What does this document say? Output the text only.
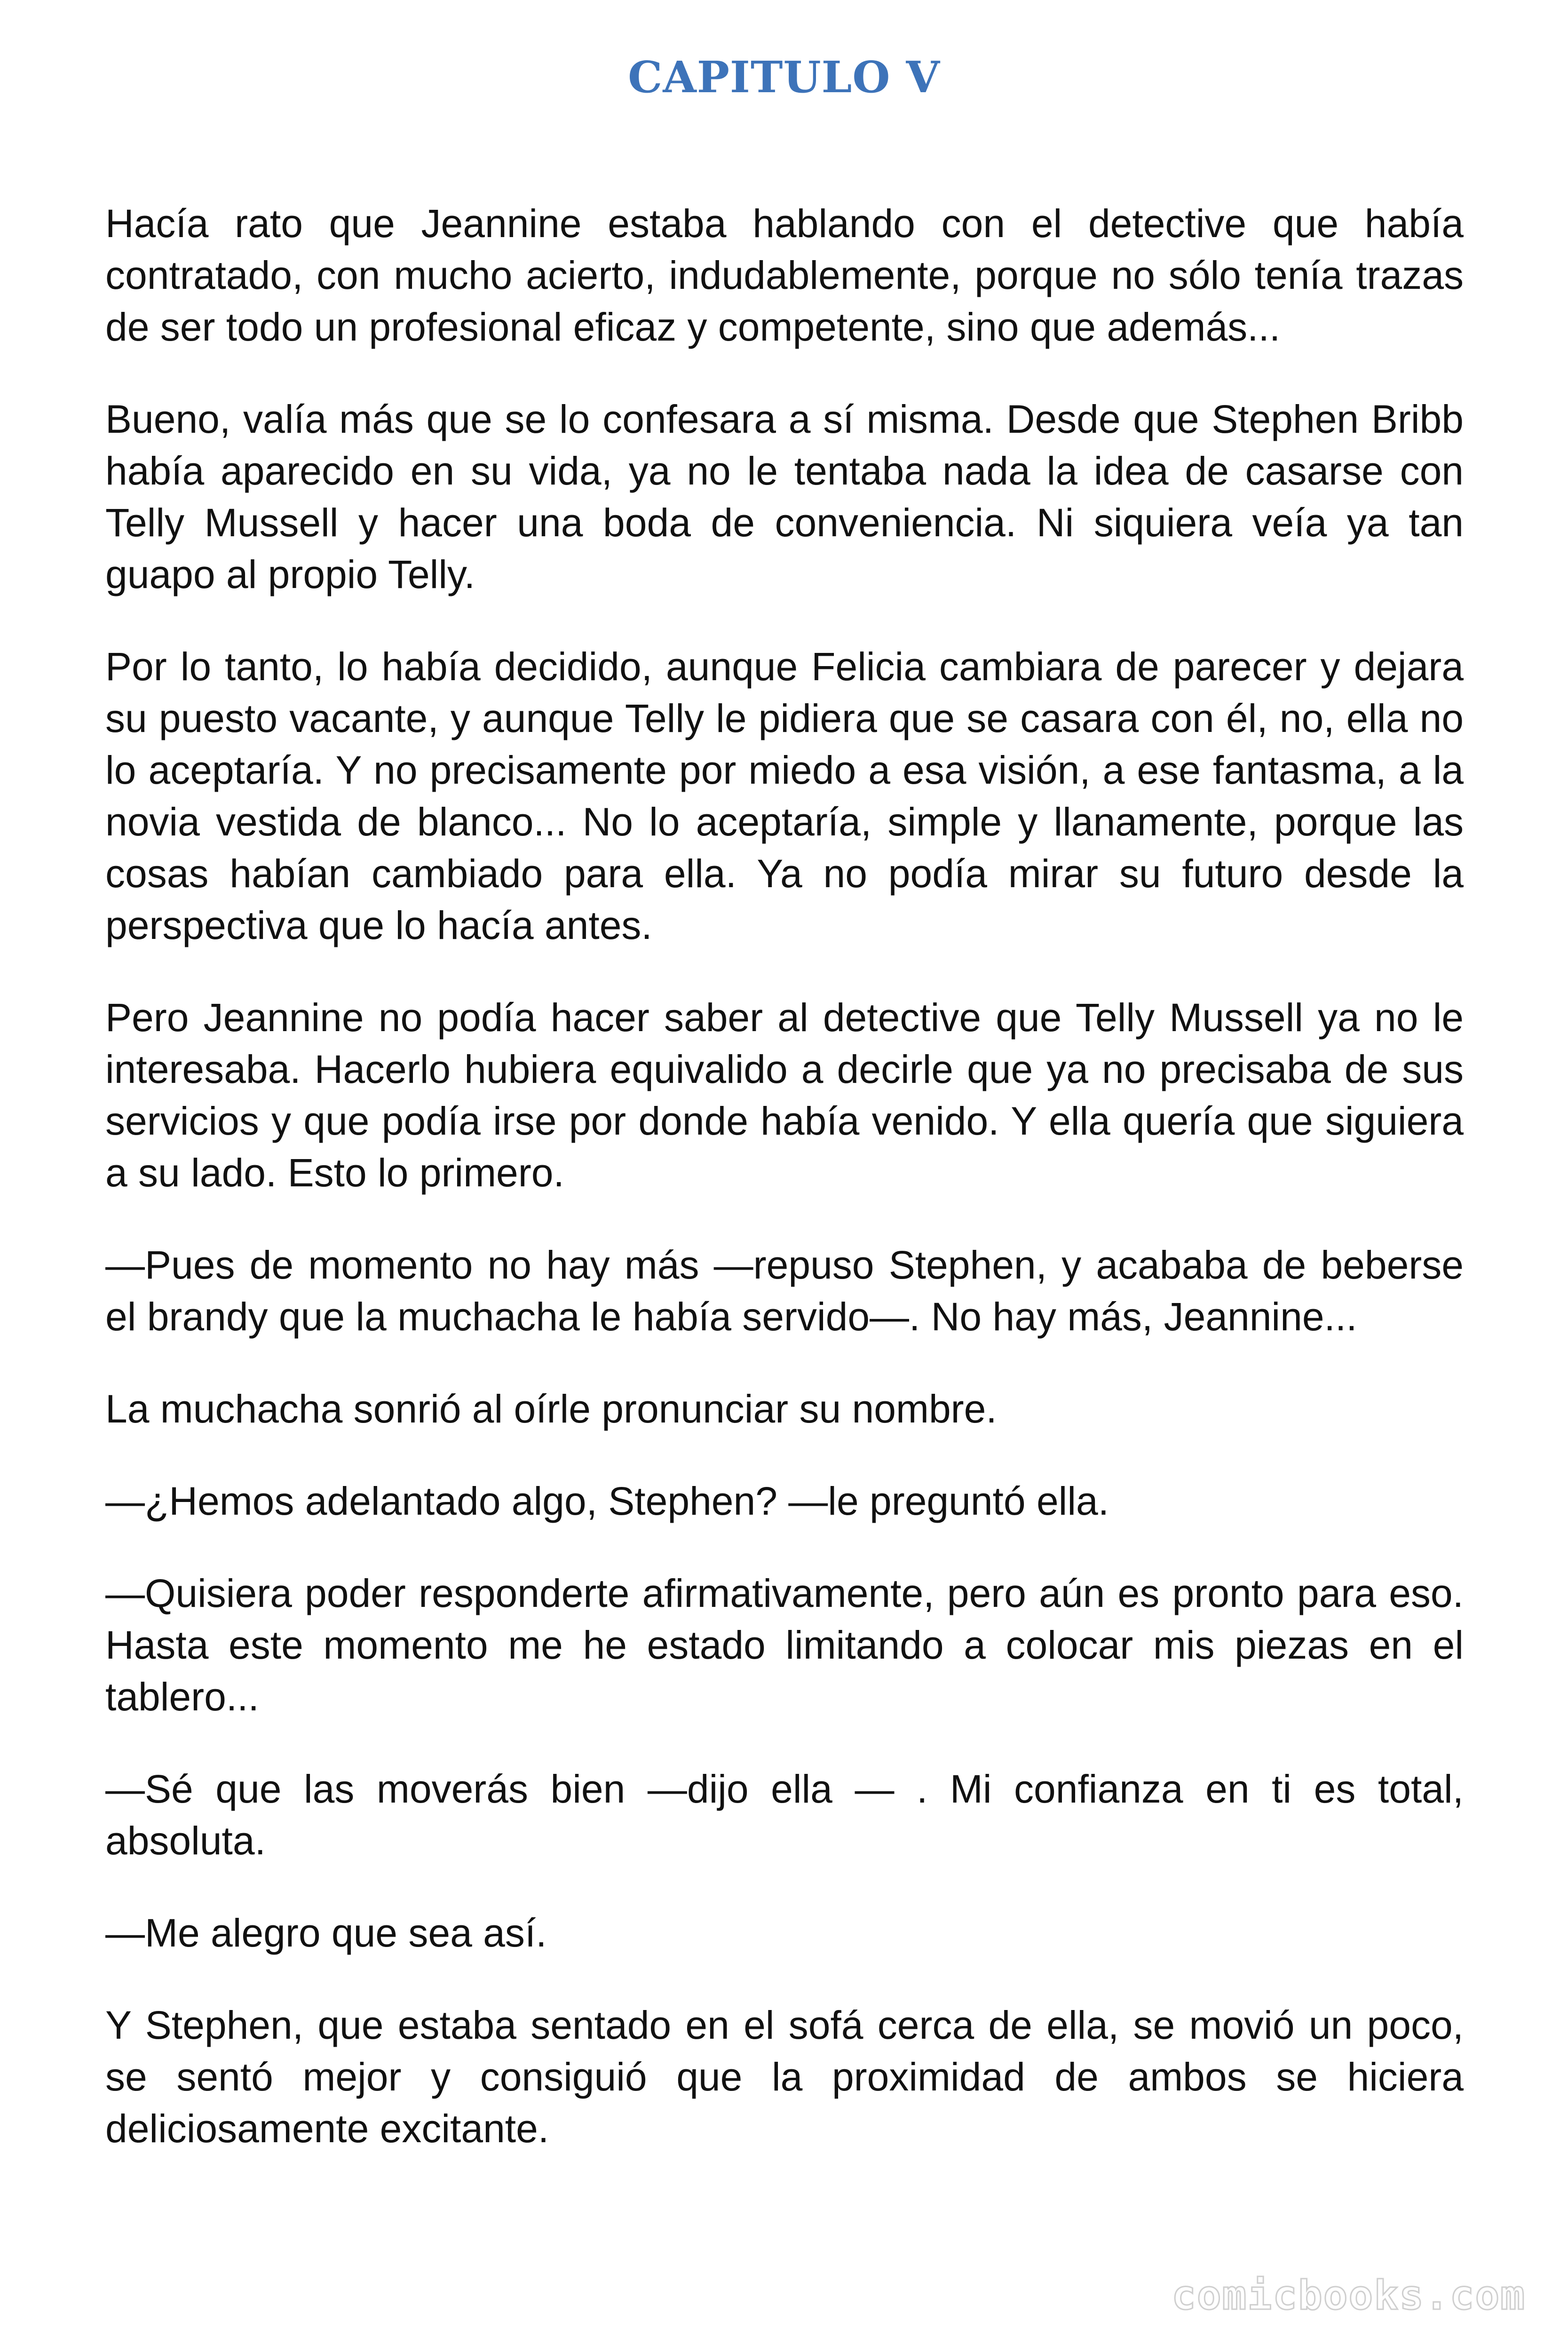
CAPITULO V

Hacía rato que Jeannine estaba hablando con el detective que había contratado, con mucho acierto, indudablemente, porque no sólo tenía trazas de ser todo un profesional eficaz y competente, sino que además...

Bueno, valía más que se lo confesara a sí misma. Desde que Stephen Bribb había aparecido en su vida, ya no le tentaba nada la idea de casarse con Telly Mussell y hacer una boda de conveniencia. Ni siquiera veía ya tan guapo al propio Telly.

Por lo tanto, lo había decidido, aunque Felicia cambiara de parecer y dejara su puesto vacante, y aunque Telly le pidiera que se casara con él, no, ella no lo aceptaría. Y no precisamente por miedo a esa visión, a ese fantasma, a la novia vestida de blanco... No lo aceptaría, simple y llanamente, porque las cosas habían cambiado para ella. Ya no podía mirar su futuro desde la perspectiva que lo hacía antes.

Pero Jeannine no podía hacer saber al detective que Telly Mussell ya no le interesaba. Hacerlo hubiera equivalido a decirle que ya no precisaba de sus servicios y que podía irse por donde había venido. Y ella quería que siguiera a su lado. Esto lo primero.

—Pues de momento no hay más —repuso Stephen, y acababa de beberse el brandy que la muchacha le había servido—. No hay más, Jeannine...

La muchacha sonrió al oírle pronunciar su nombre.

—¿Hemos adelantado algo, Stephen? —le preguntó ella.

—Quisiera poder responderte afirmativamente, pero aún es pronto para eso. Hasta este momento me he estado limitando a colocar mis piezas en el tablero...

—Sé que las moverás bien —dijo ella — . Mi confianza en ti es total, absoluta.

—Me alegro que sea así.

Y Stephen, que estaba sentado en el sofá cerca de ella, se movió un poco, se sentó mejor y consiguió que la proximidad de ambos se hiciera deliciosamente excitante.

comicbooks.com
